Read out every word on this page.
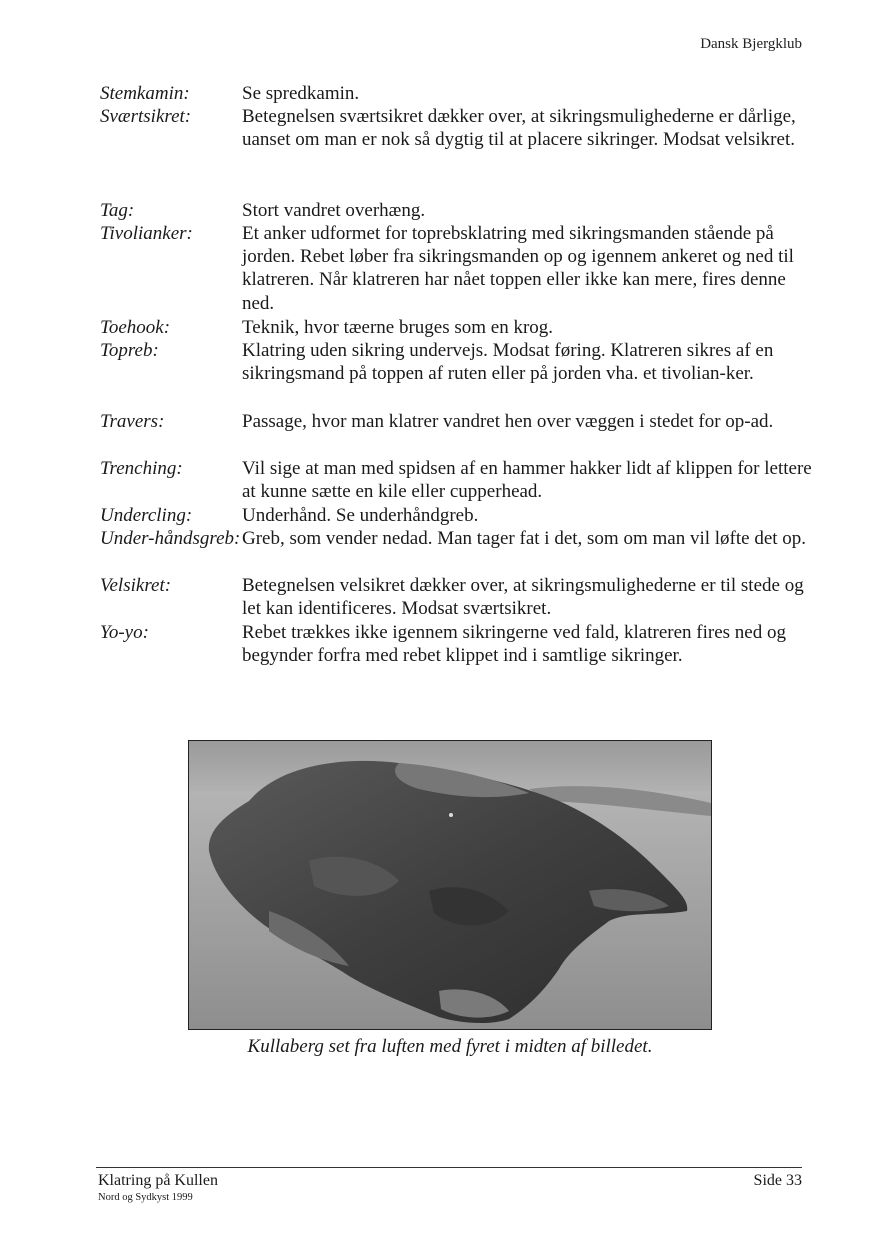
Dansk Bjergklub
Stemkamin:	Se spredkamin.
Sværtsikret:	Betegnelsen sværtsikret dækker over, at sikringsmulighederne er dårlige, uanset om man er nok så dygtig til at placere sikringer. Modsat velsikret.
Tag:	Stort vandret overhæng.
Tivolianker:	Et anker udformet for toprebsklatring med sikringsmanden stående på jorden. Rebet løber fra sikringsmanden op og igennem ankeret og ned til klatreren. Når klatreren har nået toppen eller ikke kan mere, fires denne ned.
Toehook:	Teknik, hvor tæerne bruges som en krog.
Topreb:	Klatring uden sikring undervejs. Modsat føring. Klatreren sikres af en sikringsmand på toppen af ruten eller på jorden vha. et tivolian-ker.
Travers:	Passage, hvor man klatrer vandret hen over væggen i stedet for op-ad.
Trenching:	Vil sige at man med spidsen af en hammer hakker lidt af klippen for lettere at kunne sætte en kile eller cupperhead.
Undercling:	Underhånd. Se underhåndgreb.
Under-håndsgreb: Greb, som vender nedad. Man tager fat i det, som om man vil løfte det op.
Velsikret:	Betegnelsen velsikret dækker over, at sikringsmulighederne er til stede og let kan identificeres. Modsat sværtsikret.
Yo-yo:	Rebet trækkes ikke igennem sikringerne ved fald, klatreren fires ned og begynder forfra med rebet klippet ind i samtlige sikringer.
Kullaberg set fra luften med fyret i midten af billedet.
Klatring på Kullen
Nord og Sydkyst 1999
Side 33
